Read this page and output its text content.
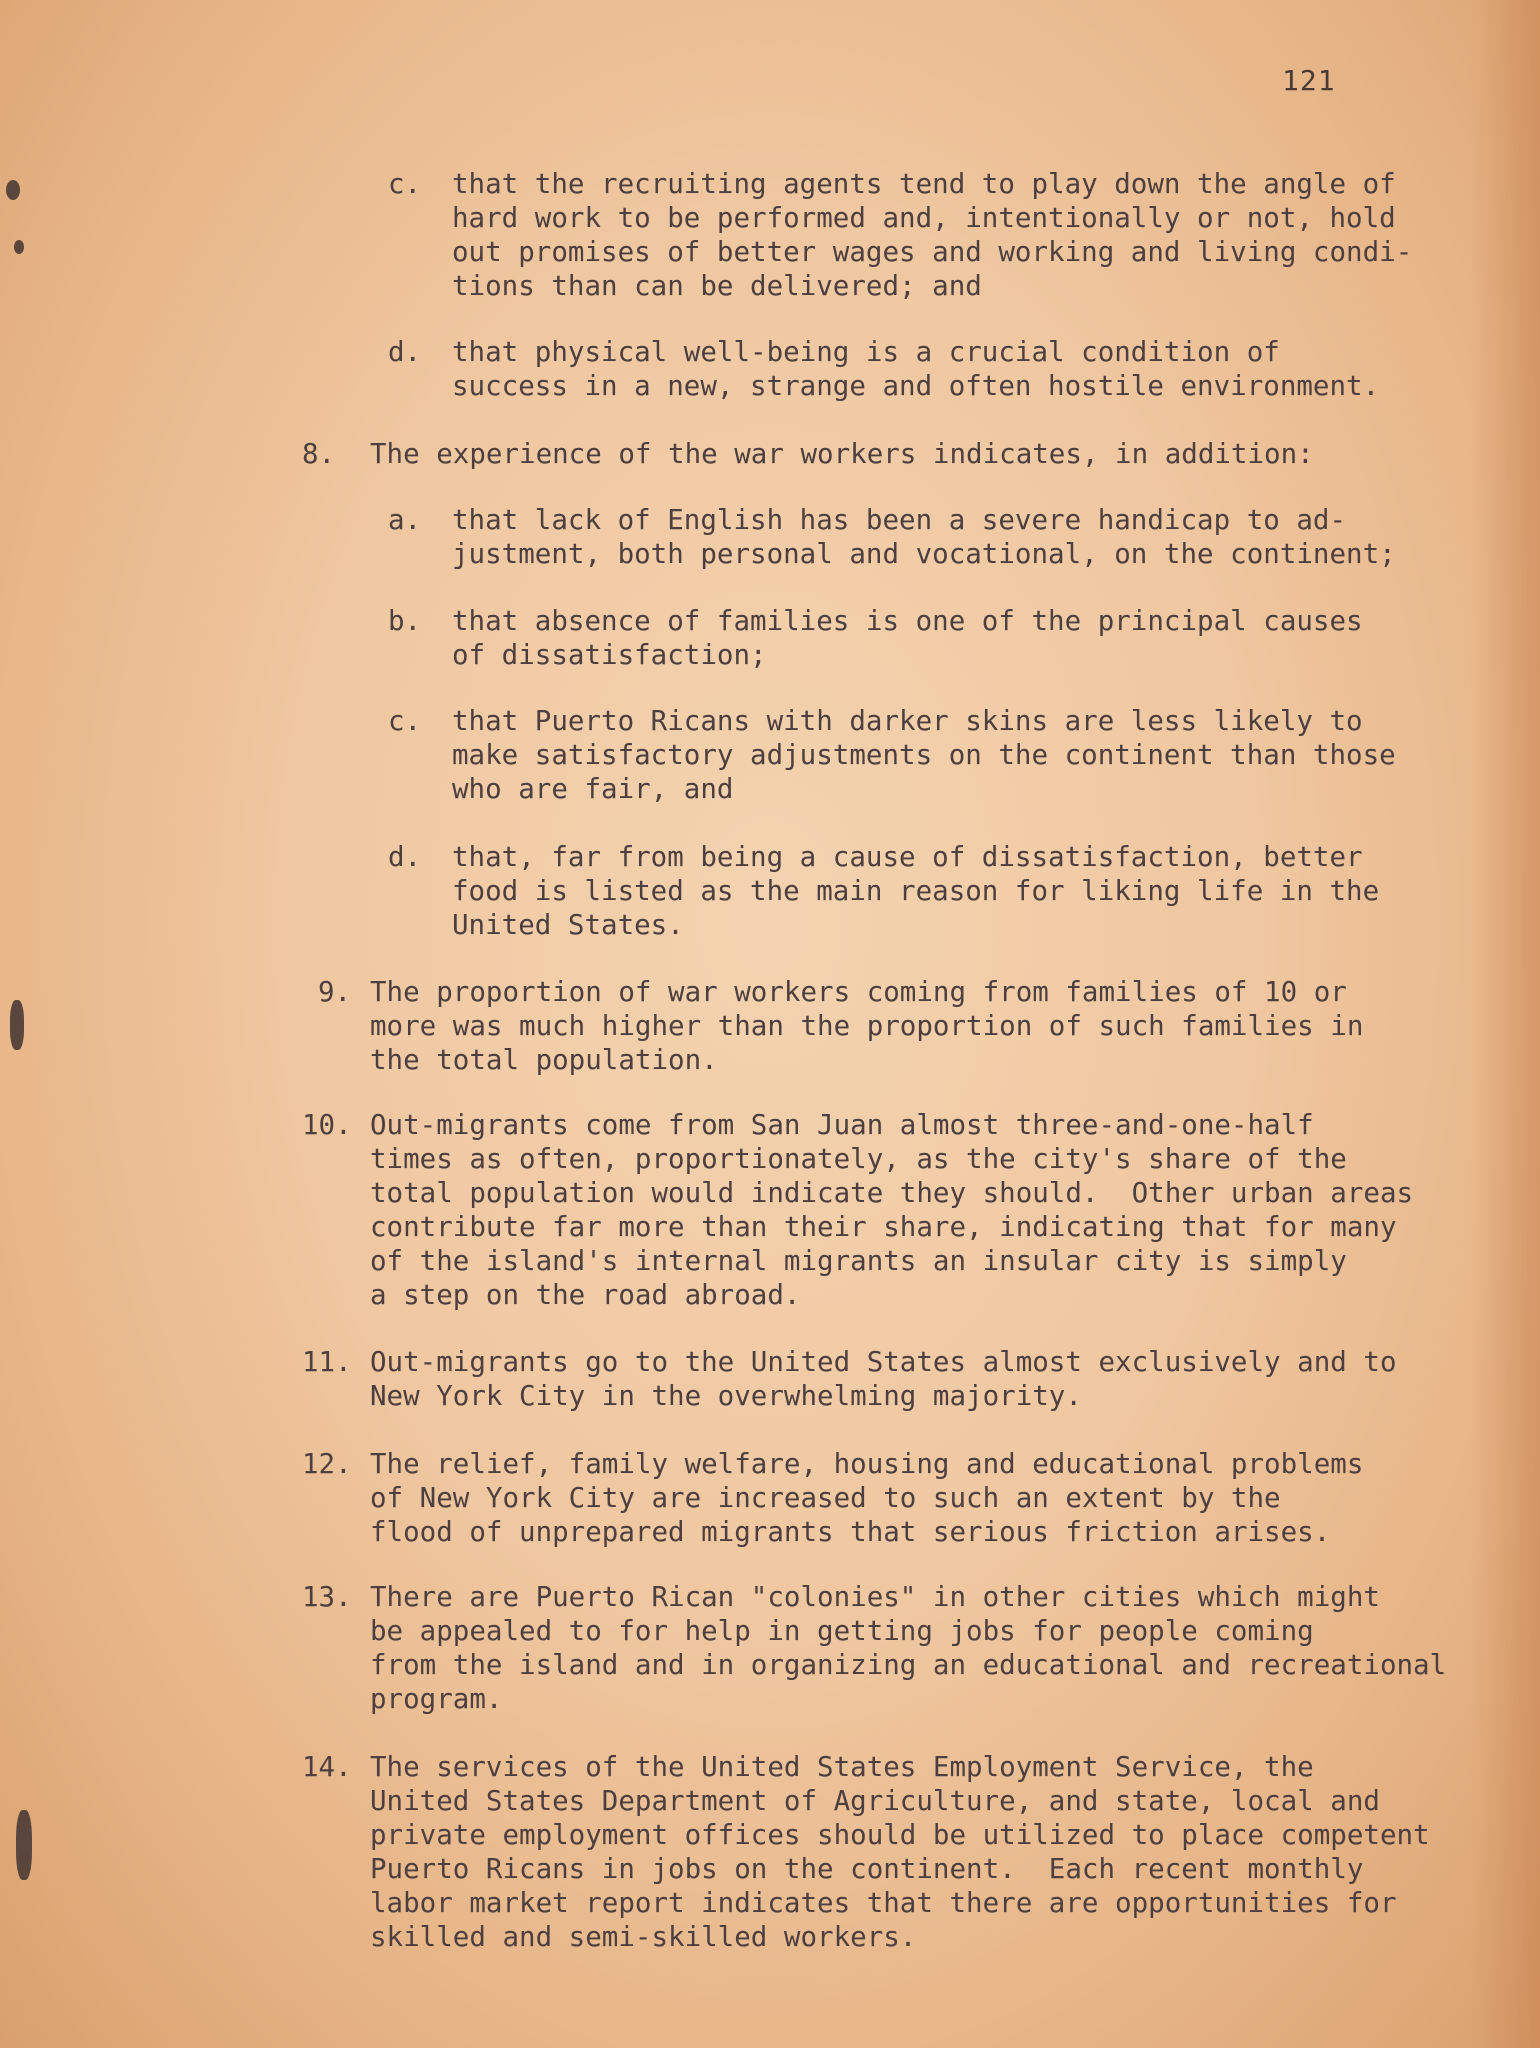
121
c. that the recruiting agents tend to play down the angle of
hard work to be performed and, intentionally or not, hold
out promises of better wages and working and living condi-
tions than can be delivered; and
d. that physical well-being is a crucial condition of
success in a new, strange and often hostile environment.
8. The experience of the war workers indicates, in addition:
a. that lack of English has been a severe handicap to ad-
justment, both personal and vocational, on the continent;
b. that absence of families is one of the principal causes
of dissatisfaction;
c. that Puerto Ricans with darker skins are less likely to
make satisfactory adjustments on the continent than those
who are fair, and
d. that, far from being a cause of dissatisfaction, better
food is listed as the main reason for liking life in the
United States.
9. The proportion of war workers coming from families of 10 or
more was much higher than the proportion of such families in
the total population.
10. Out-migrants come from San Juan almost three-and-one-half
times as often, proportionately, as the city's share of the
total population would indicate they should.  Other urban areas
contribute far more than their share, indicating that for many
of the island's internal migrants an insular city is simply
a step on the road abroad.
11. Out-migrants go to the United States almost exclusively and to
New York City in the overwhelming majority.
12. The relief, family welfare, housing and educational problems
of New York City are increased to such an extent by the
flood of unprepared migrants that serious friction arises.
13. There are Puerto Rican "colonies" in other cities which might
be appealed to for help in getting jobs for people coming
from the island and in organizing an educational and recreational
program.
14. The services of the United States Employment Service, the
United States Department of Agriculture, and state, local and
private employment offices should be utilized to place competent
Puerto Ricans in jobs on the continent.  Each recent monthly
labor market report indicates that there are opportunities for
skilled and semi-skilled workers.
